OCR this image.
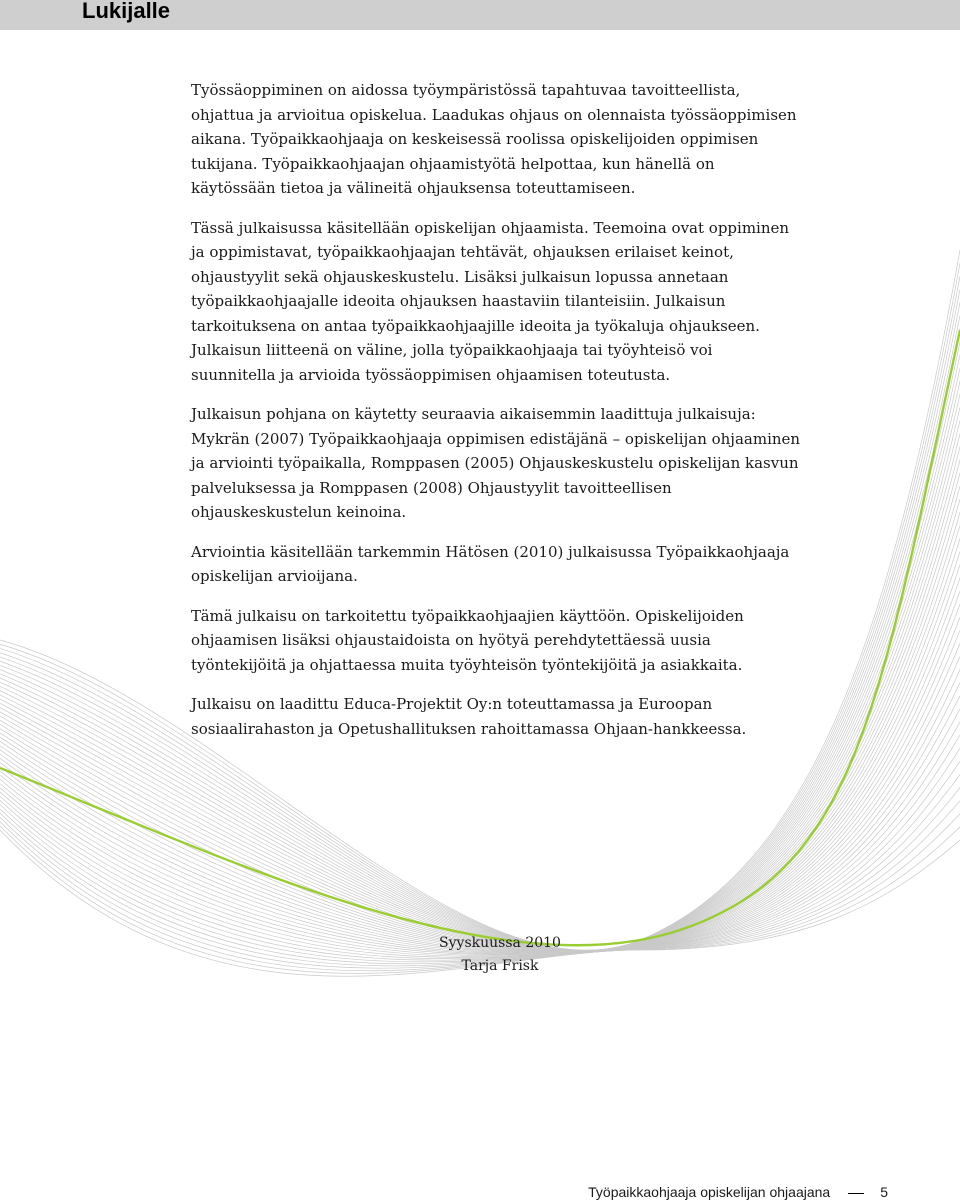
Lukijalle

Työssäoppiminen on aidossa työympäristössä tapahtuvaa tavoitteellista, ohjattua ja arvioitua opiskelua. Laadukas ohjaus on olennaista työssäoppimisen aikana. Työpaikkaohjaaja on keskeisessä roolissa opiskelijoiden oppimisen tukijana. Työpaikkaohjaajan ohjaamistyötä helpottaa, kun hänellä on käytössään tietoa ja välineitä ohjauksensa toteuttamiseen.

Tässä julkaisussa käsitellään opiskelijan ohjaamista. Teemoina ovat oppiminen ja oppimistavat, työpaikkaohjaajan tehtävät, ohjauksen erilaiset keinot, ohjaustyylit sekä ohjauskeskustelu. Lisäksi julkaisun lopussa annetaan työpaikkaohjaajalle ideoita ohjauksen haastaviin tilanteisiin. Julkaisun tarkoituksena on antaa työpaikkaohjaajille ideoita ja työkaluja ohjaukseen. Julkaisun liitteenä on väline, jolla työpaikkaohjaaja tai työyhteisö voi suunnitella ja arvioida työssäoppimisen ohjaamisen toteutusta.

Julkaisun pohjana on käytetty seuraavia aikaisemmin laadittuja julkaisuja: Mykrän (2007) Työpaikkaohjaaja oppimisen edistäjänä – opiskelijan ohjaaminen ja arviointi työpaikalla, Romppasen (2005) Ohjauskeskustelu opiskelijan kasvun palveluksessa ja Romppasen (2008) Ohjaustyylit tavoitteellisen ohjauskeskustelun keinoina.

Arviointia käsitellään tarkemmin Hätösen (2010) julkaisussa Työpaikkaohjaaja opiskelijan arvioijana.

Tämä julkaisu on tarkoitettu työpaikkaohjaajien käyttöön. Opiskelijoiden ohjaamisen lisäksi ohjaustaidoista on hyötyä perehdytettäessä uusia työntekijöitä ja ohjattaessa muita työyhteisön työntekijöitä ja asiakkaita.

Julkaisu on laadittu Educa-Projektit Oy:n toteuttamassa ja Euroopan sosiaalirahaston ja Opetushallituksen rahoittamassa Ohjaan-hankkeessa.

Syyskuussa 2010
Tarja Frisk
Työpaikkaohjaaja opiskelijan ohjaajana	5
